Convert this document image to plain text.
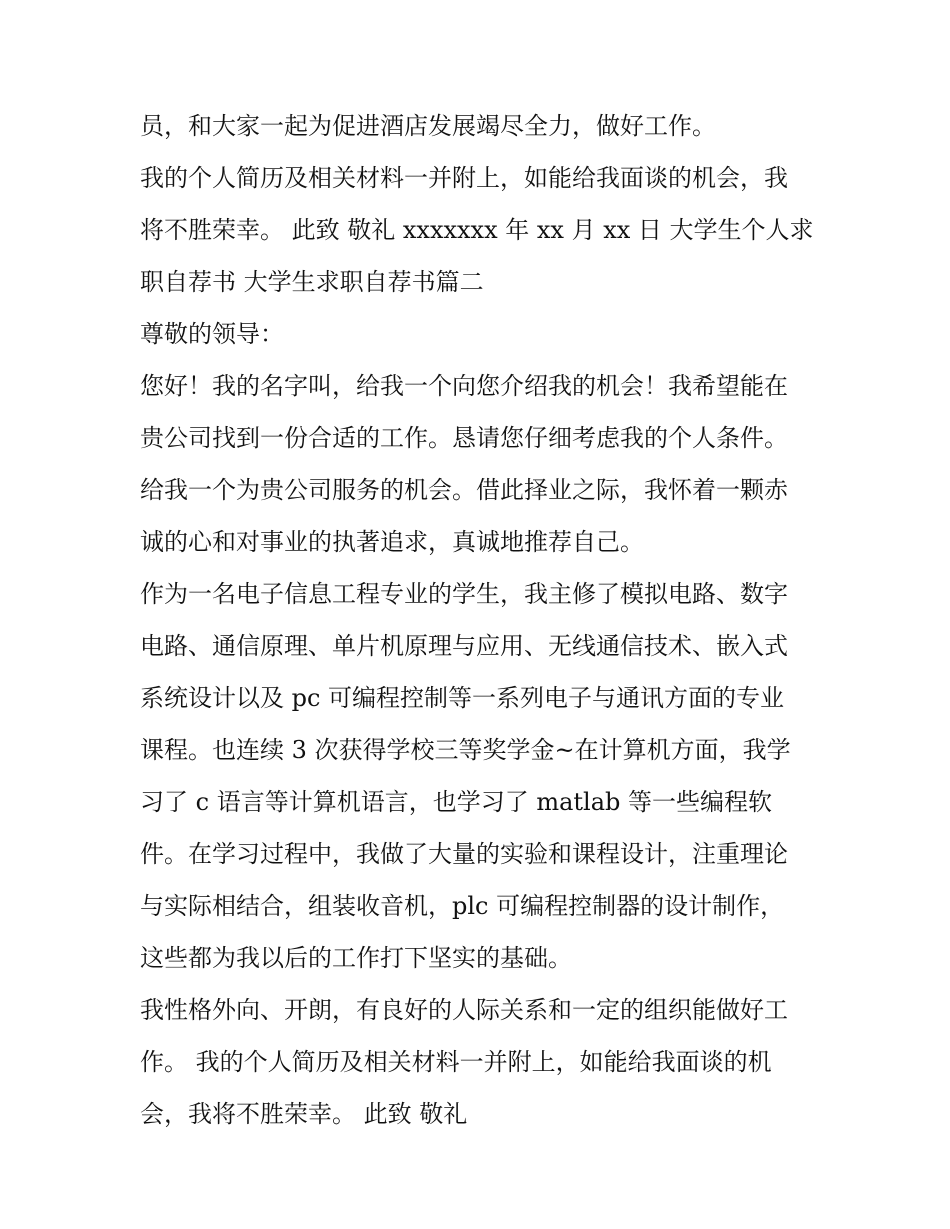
员，和大家一起为促进酒店发展竭尽全力，做好工作。
我的个人简历及相关材料一并附上，如能给我面谈的机会，我
将不胜荣幸。 此致 敬礼 xxxxxxx 年 xx 月 xx 日 大学生个人求
职自荐书 大学生求职自荐书篇二
尊敬的领导：
您好！我的名字叫，给我一个向您介绍我的机会！我希望能在
贵公司找到一份合适的工作。恳请您仔细考虑我的个人条件。
给我一个为贵公司服务的机会。借此择业之际，我怀着一颗赤
诚的心和对事业的执著追求，真诚地推荐自己。
作为一名电子信息工程专业的学生，我主修了模拟电路、数字
电路、通信原理、单片机原理与应用、无线通信技术、嵌入式
系统设计以及 pc 可编程控制等一系列电子与通讯方面的专业
课程。也连续 3 次获得学校三等奖学金~在计算机方面，我学
习了 c 语言等计算机语言，也学习了 matlab 等一些编程软
件。在学习过程中，我做了大量的实验和课程设计，注重理论
与实际相结合，组装收音机，plc 可编程控制器的设计制作，
这些都为我以后的工作打下坚实的基础。
我性格外向、开朗，有良好的人际关系和一定的组织能做好工
作。 我的个人简历及相关材料一并附上，如能给我面谈的机
会，我将不胜荣幸。 此致 敬礼
